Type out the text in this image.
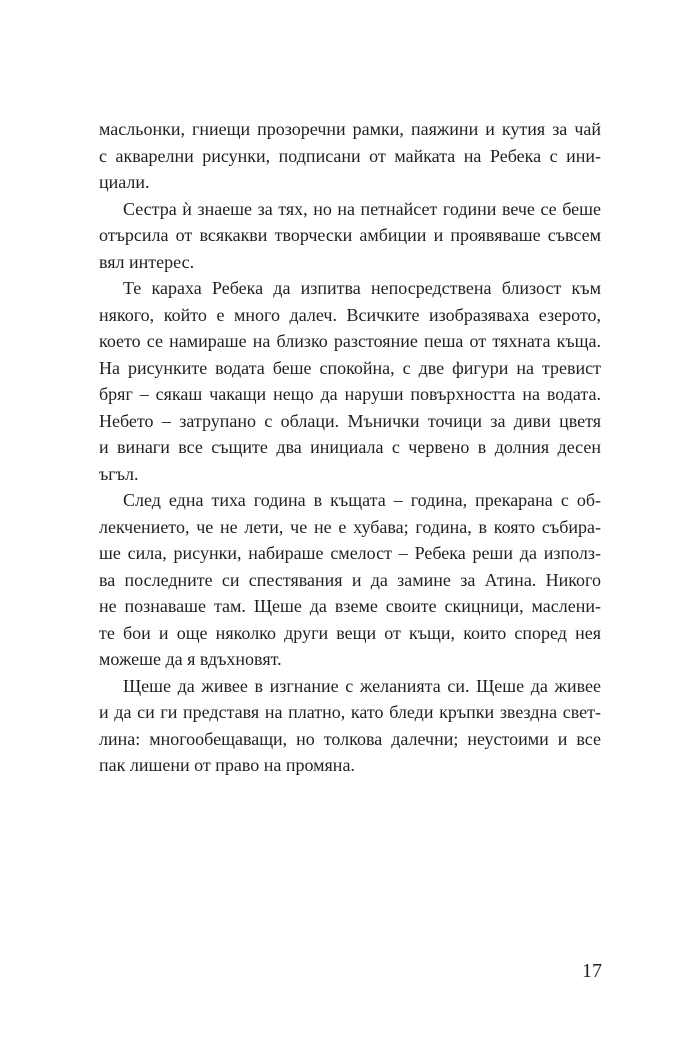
масльонки, гниещи прозоречни рамки, паяжини и кутия за чай
с акварелни рисунки, подписани от майката на Ребека с ини-
циали.
Сестра ѝ знаеше за тях, но на петнайсет години вече се беше
отърсила от всякакви творчески амбиции и проявяваше съвсем
вял интерес.
Те караха Ребека да изпитва непосредствена близост към
някого, който е много далеч. Всичките изобразяваха езерото,
което се намираше на близко разстояние пеша от тяхната къща.
На рисунките водата беше спокойна, с две фигури на тревист
бряг – сякаш чакащи нещо да наруши повърхността на водата.
Небето – затрупано с облаци. Мънички точици за диви цветя
и винаги все същите два инициала с червено в долния десен
ъгъл.
След една тиха година в къщата – година, прекарана с об-
лекчението, че не лети, че не е хубава; година, в която събира-
ше сила, рисунки, набираше смелост – Ребека реши да използ-
ва последните си спестявания и да замине за Атина. Никого
не познаваше там. Щеше да вземе своите скицници, маслени-
те бои и още няколко други вещи от къщи, които според нея
можеше да я вдъхновят.
Щеше да живее в изгнание с желанията си. Щеше да живее
и да си ги представя на платно, като бледи кръпки звездна свет-
лина: многообещаващи, но толкова далечни; неустоими и все
пак лишени от право на промяна.
17
